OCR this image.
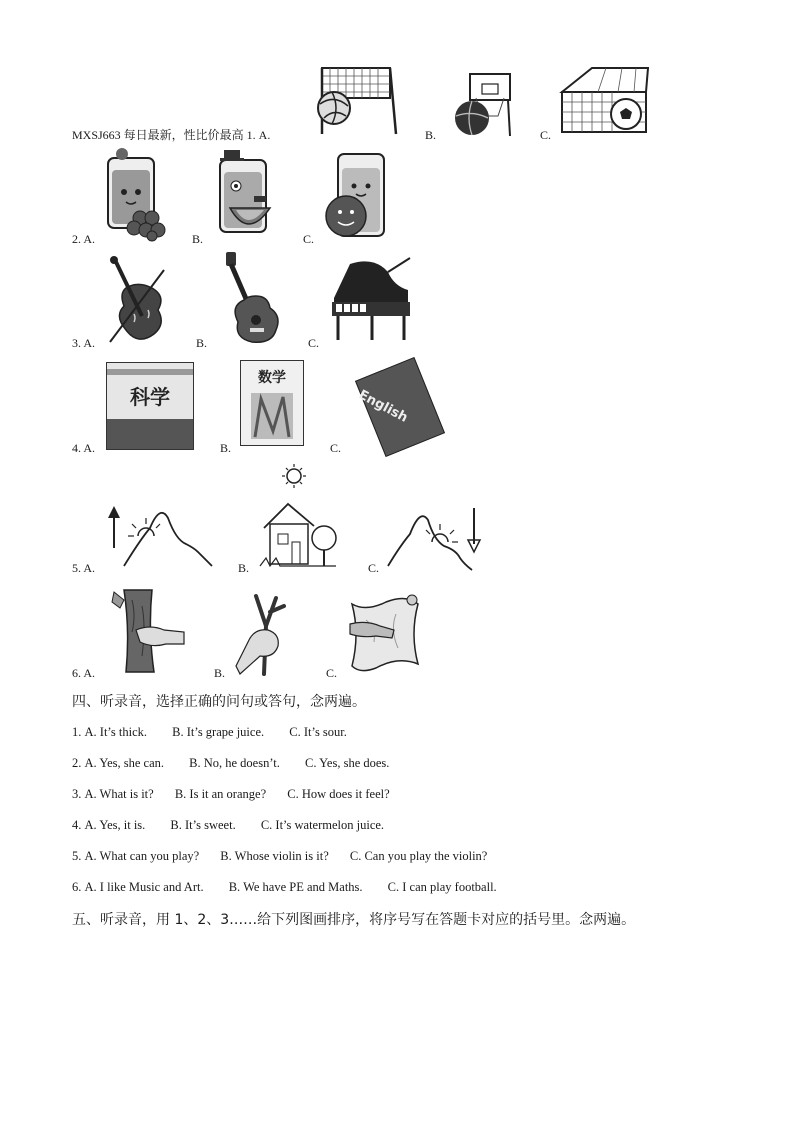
MXSJ663 每日最新，性比价最高 1. A.	B.	C.
2. A.	B.	C.
3. A.	B.	C.
4. A.
科学
B.
数学
C.
English
5. A.	B.	C.
6. A.	B.	C.
四、听录音，选择正确的问句或答句，念两遍。
1. A. It’s thick. B. It’s grape juice. C. It’s sour.
2. A. Yes, she can. B. No, he doesn’t. C. Yes, she does.
3. A. What is it? B. Is it an orange? C. How does it feel?
4. A. Yes, it is. B. It’s sweet. C. It’s watermelon juice.
5. A. What can you play? B. Whose violin is it? C. Can you play the violin?
6. A. I like Music and Art. B. We have PE and Maths. C. I can play football.
五、听录音，用 1、2、3……给下列图画排序，将序号写在答题卡对应的括号里。念两遍。
